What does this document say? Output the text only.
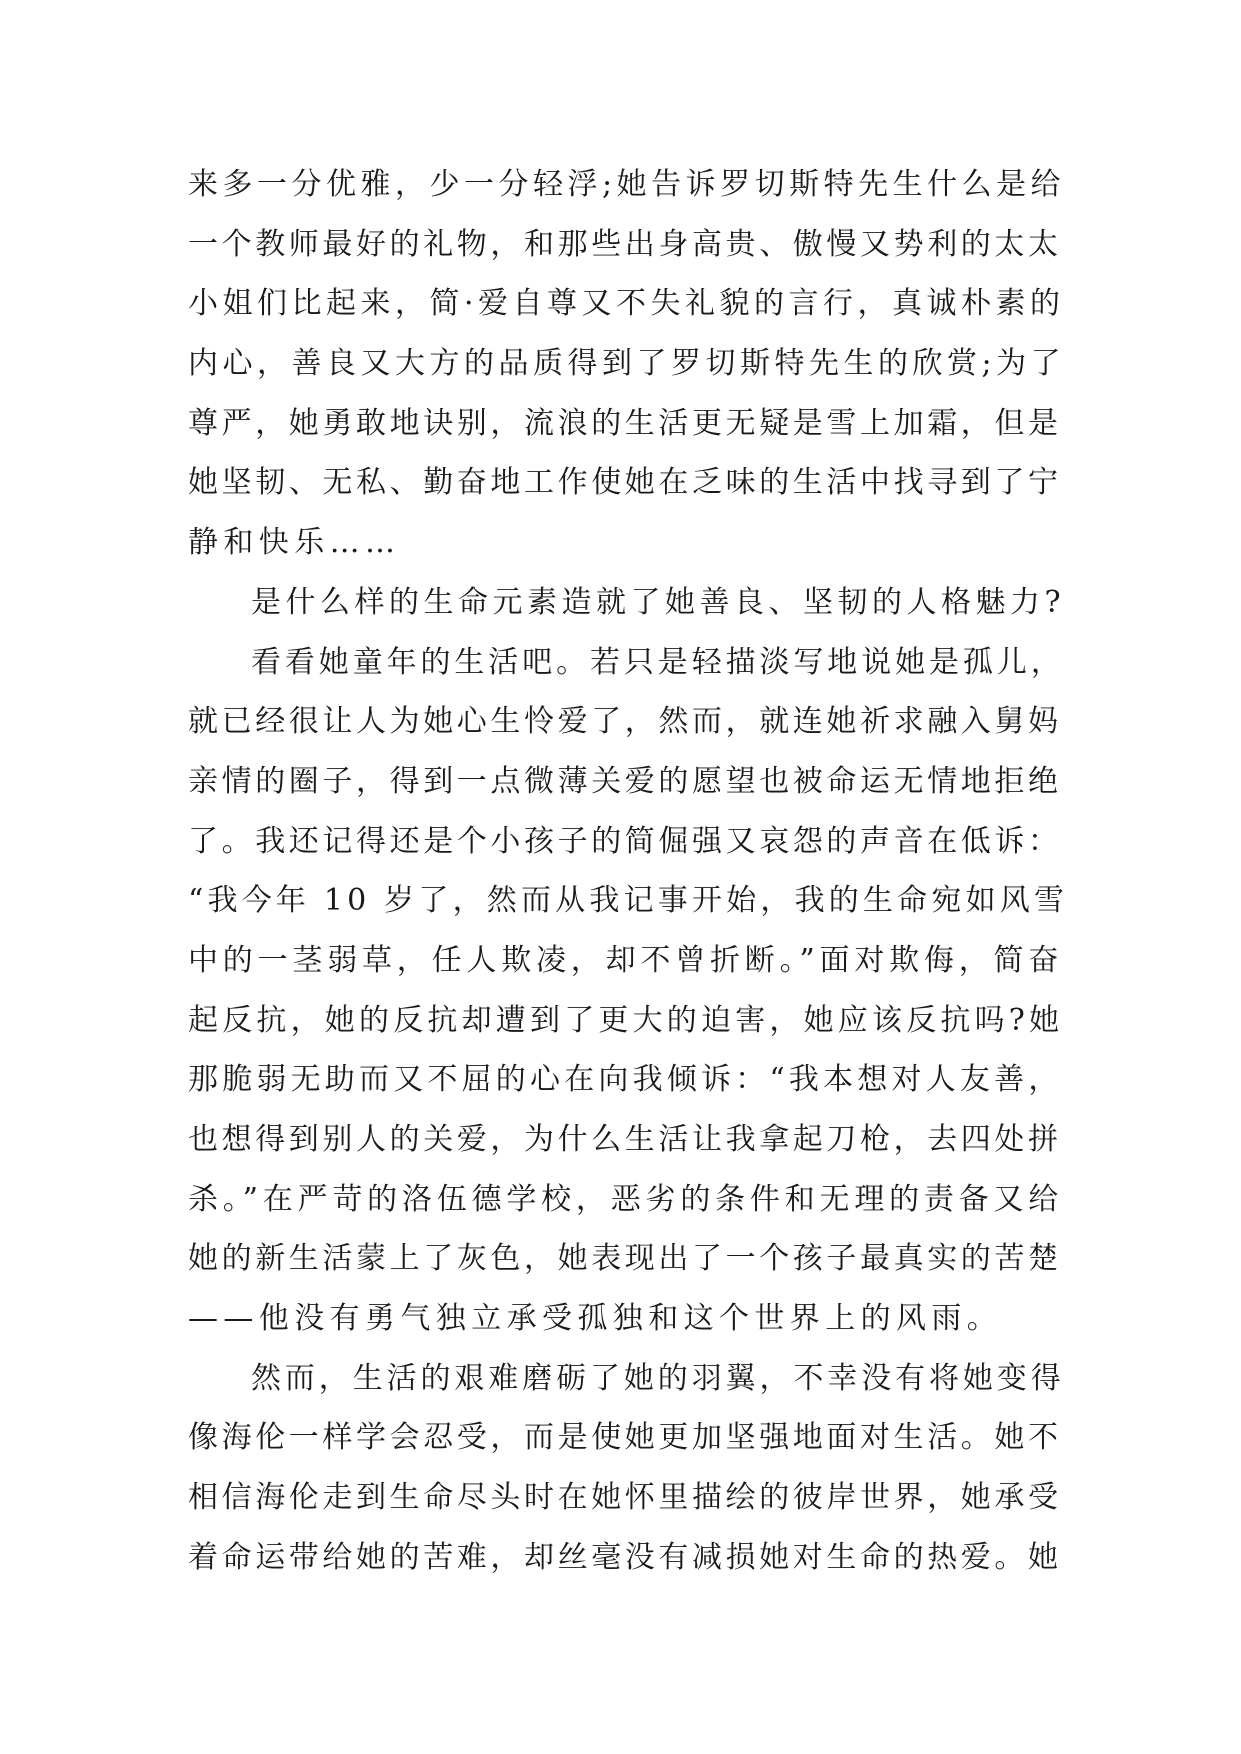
来多一分优雅，少一分轻浮;她告诉罗切斯特先生什么是给
一个教师最好的礼物，和那些出身高贵、傲慢又势利的太太
小姐们比起来，简·爱自尊又不失礼貌的言行，真诚朴素的
内心，善良又大方的品质得到了罗切斯特先生的欣赏;为了
尊严，她勇敢地诀别，流浪的生活更无疑是雪上加霜，但是
她坚韧、无私、勤奋地工作使她在乏味的生活中找寻到了宁
静和快乐……
是什么样的生命元素造就了她善良、坚韧的人格魅力?
看看她童年的生活吧。若只是轻描淡写地说她是孤儿，
就已经很让人为她心生怜爱了，然而，就连她祈求融入舅妈
亲情的圈子，得到一点微薄关爱的愿望也被命运无情地拒绝
了。我还记得还是个小孩子的简倔强又哀怨的声音在低诉：
“我今年 10 岁了，然而从我记事开始，我的生命宛如风雪
中的一茎弱草，任人欺凌，却不曾折断。”面对欺侮，简奋
起反抗，她的反抗却遭到了更大的迫害，她应该反抗吗?她
那脆弱无助而又不屈的心在向我倾诉：“我本想对人友善，
也想得到别人的关爱，为什么生活让我拿起刀枪，去四处拼
杀。”在严苛的洛伍德学校，恶劣的条件和无理的责备又给
她的新生活蒙上了灰色，她表现出了一个孩子最真实的苦楚
——他没有勇气独立承受孤独和这个世界上的风雨。
然而，生活的艰难磨砺了她的羽翼，不幸没有将她变得
像海伦一样学会忍受，而是使她更加坚强地面对生活。她不
相信海伦走到生命尽头时在她怀里描绘的彼岸世界，她承受
着命运带给她的苦难，却丝毫没有减损她对生命的热爱。她
